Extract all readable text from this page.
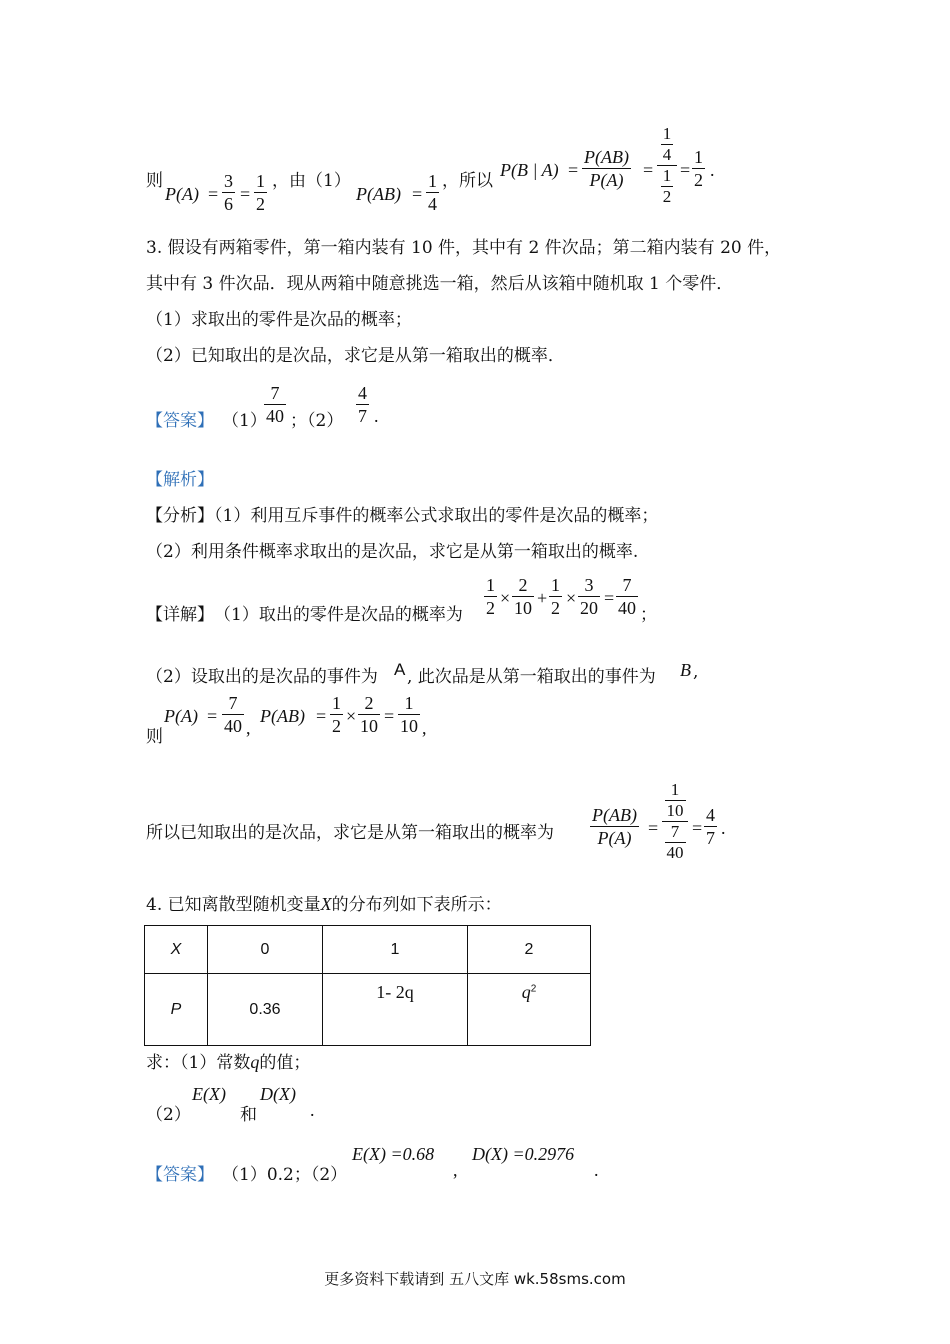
则
$P(A) = \frac{3}{6} = \frac{1}{2}$ ，由（1）
$P(AB) = \frac{1}{4}$ ，所以
P(B | $A) = \frac{P(AB)}{P(A)}$ =
$\frac{1}{4}$
$\frac{1}{2} = \frac{1}{2}$ .
3. 假设有两箱零件，第一箱内装有 10 件，其中有 2 件次品；第二箱内装有 20 件，
其中有 3 件次品．现从两箱中随意挑选一箱，然后从该箱中随机取 1 个零件．
（1）求取出的零件是次品的概率；
（2）已知取出的是次品，求它是从第一箱取出的概率．
【答案】 （1）
$\frac{7}{40}$ ；$(2) \frac{4}{7}$ .
【解析】
【分析】（1）利用互斥事件的概率公式求取出的零件是次品的概率；
（2）利用条件概率求取出的是次品，求它是从第一箱取出的概率.
【详解】 （1）取出的零件是次品的概率为 $\frac{1}{2} \times \frac{2}{10} + \frac{1}{2} \times \frac{3}{20} = \frac{7}{40}$ ；
（2）设取出的是次品的事件为 A , 此次品是从第一箱取出的事件为 B ,
则
$P(A) = \frac{7}{40}$ ,
$P(AB) = \frac{1}{2} \times \frac{2}{10} = \frac{1}{10}$ ,
所以已知取出的是次品，求它是从第一箱取出的概率为 $\frac{P(AB)}{P(A)}$ =
$\frac{1}{10}$
$\frac{7}{40} = \frac{4}{7}$ .
4. 已知离散型随机变量X的分布列如下表所示：
X	0	1	2
P	0.36	1- 2q	$q^2$
求：（1）常数q的值；
（2）
E(X)
和
D(X)
.
【答案】 （1）0.2；（2）
E(X) =0.68
,
D(X) =0.2976
.
更多资料下载请到 五八文库 wk.58sms.com
